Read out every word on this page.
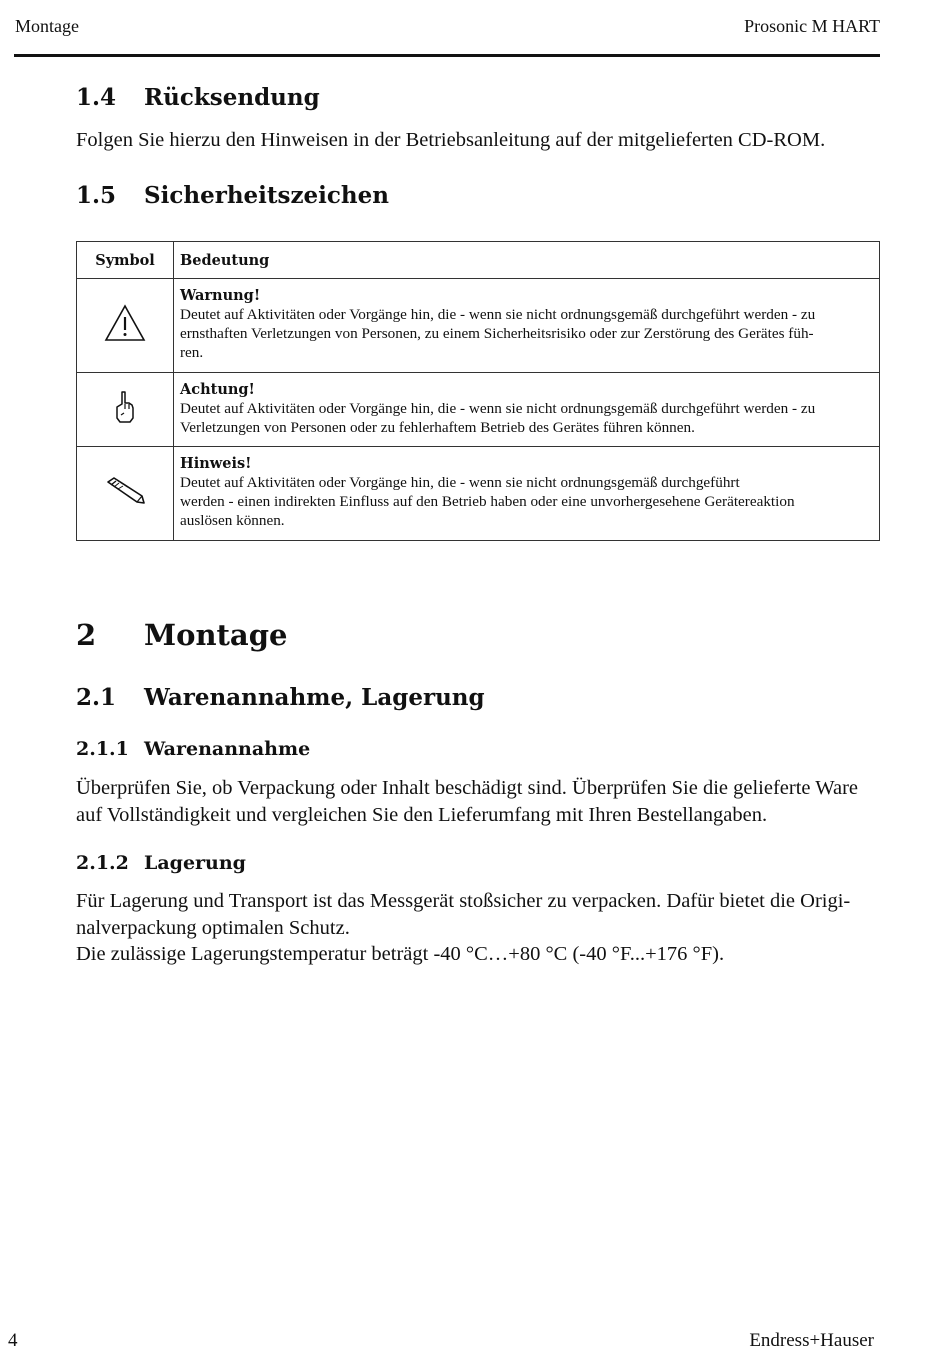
Montage	Prosonic M HART
1.4 Rücksendung
Folgen Sie hierzu den Hinweisen in der Betriebsanleitung auf der mitgelieferten CD-ROM.
1.5 Sicherheitszeichen
Symbol	Bedeutung

Warnung!
Deutet auf Aktivitäten oder Vorgänge hin, die - wenn sie nicht ordnungsgemäß durchgeführt werden - zu
ernsthaften Verletzungen von Personen, zu einem Sicherheitsrisiko oder zur Zerstörung des Gerätes füh-
ren.

Achtung!
Deutet auf Aktivitäten oder Vorgänge hin, die - wenn sie nicht ordnungsgemäß durchgeführt werden - zu
Verletzungen von Personen oder zu fehlerhaftem Betrieb des Gerätes führen können.

Hinweis!
Deutet auf Aktivitäten oder Vorgänge hin, die - wenn sie nicht ordnungsgemäß durchgeführt
werden - einen indirekten Einfluss auf den Betrieb haben oder eine unvorhergesehene Gerätereaktion
auslösen können.
2 Montage
2.1 Warenannahme, Lagerung
2.1.1 Warenannahme
Überprüfen Sie, ob Verpackung oder Inhalt beschädigt sind. Überprüfen Sie die gelieferte Ware
auf Vollständigkeit und vergleichen Sie den Lieferumfang mit Ihren Bestellangaben.
2.1.2 Lagerung
Für Lagerung und Transport ist das Messgerät stoßsicher zu verpacken. Dafür bietet die Origi-
nalverpackung optimalen Schutz.
Die zulässige Lagerungstemperatur beträgt -40 °C…+80 °C (-40 °F...+176 °F).
4	Endress+Hauser
